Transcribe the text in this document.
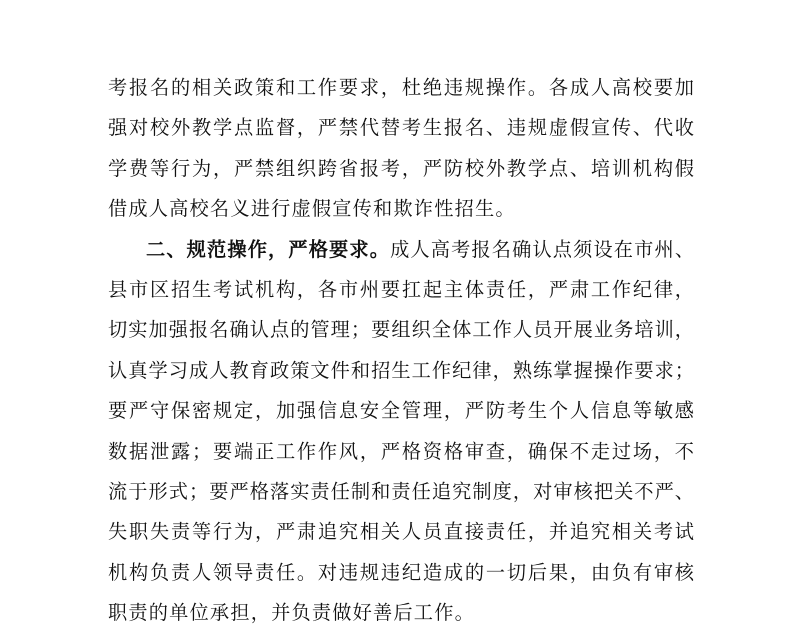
考报名的相关政策和工作要求，杜绝违规操作。各成人高校要加
强对校外教学点监督，严禁代替考生报名、违规虚假宣传、代收
学费等行为，严禁组织跨省报考，严防校外教学点、培训机构假
借成人高校名义进行虚假宣传和欺诈性招生。
二、规范操作，严格要求。成人高考报名确认点须设在市州、
县市区招生考试机构，各市州要扛起主体责任，严肃工作纪律，
切实加强报名确认点的管理；要组织全体工作人员开展业务培训，
认真学习成人教育政策文件和招生工作纪律，熟练掌握操作要求；
要严守保密规定，加强信息安全管理，严防考生个人信息等敏感
数据泄露；要端正工作作风，严格资格审查，确保不走过场，不
流于形式；要严格落实责任制和责任追究制度，对审核把关不严、
失职失责等行为，严肃追究相关人员直接责任，并追究相关考试
机构负责人领导责任。对违规违纪造成的一切后果，由负有审核
职责的单位承担，并负责做好善后工作。
